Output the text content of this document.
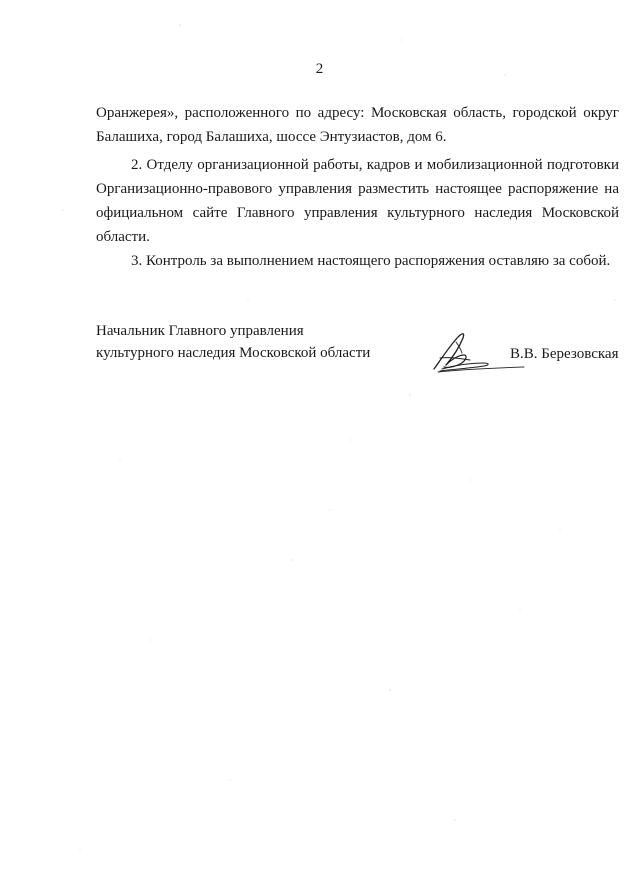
2
Оранжерея», расположенного по адресу: Московская область, городской округ
Балашиха, город Балашиха, шоссе Энтузиастов, дом 6.
2. Отделу организационной работы, кадров и мобилизационной подготовки
Организационно-правового управления разместить настоящее распоряжение на
официальном сайте Главного управления культурного наследия Московской
области.
3. Контроль за выполнением настоящего распоряжения оставляю за собой.
Начальник Главного управления
культурного наследия Московской области	В.В. Березовская
